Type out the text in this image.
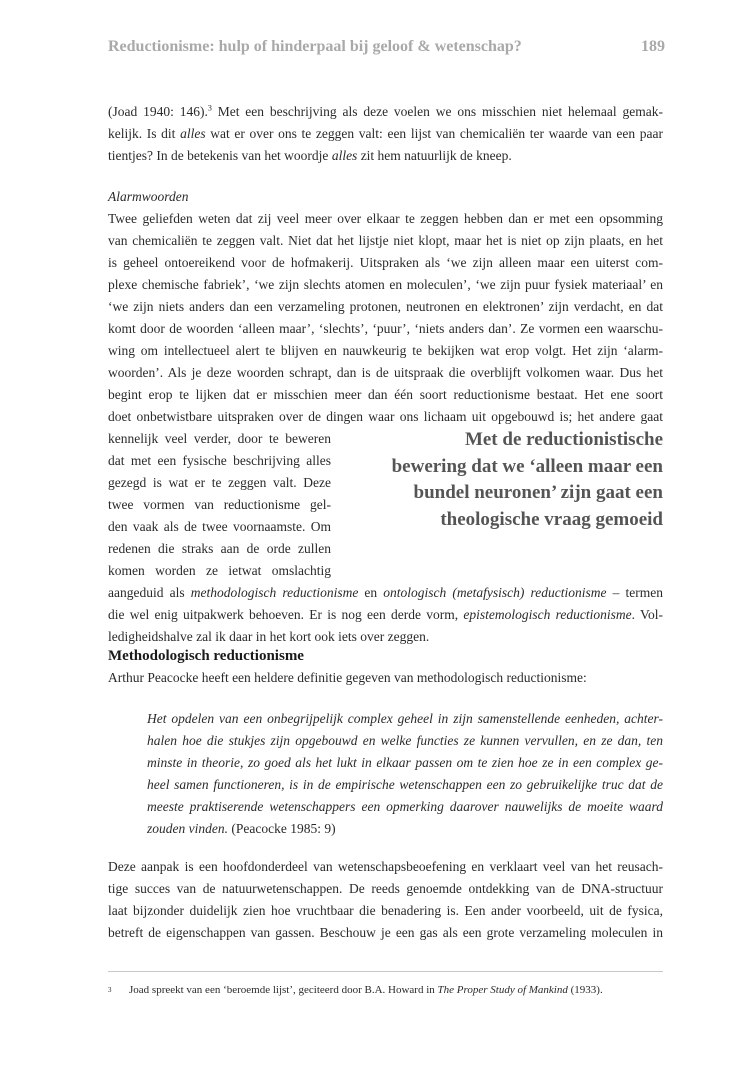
Reductionisme: hulp of hinderpaal bij geloof & wetenschap?	189
(Joad 1940: 146).$^3$ Met een beschrijving als deze voelen we ons misschien niet helemaal gemak-
kelijk. Is dit alles wat er over ons te zeggen valt: een lijst van chemicaliën ter waarde van een paar
tientjes? In de betekenis van het woordje alles zit hem natuurlijk de kneep.
Alarmwoorden
Twee geliefden weten dat zij veel meer over elkaar te zeggen hebben dan er met een opsomming
van chemicaliën te zeggen valt. Niet dat het lijstje niet klopt, maar het is niet op zijn plaats, en het
is geheel ontoereikend voor de hofmakerij. Uitspraken als ‘we zijn alleen maar een uiterst com-
plexe chemische fabriek’, ‘we zijn slechts atomen en moleculen’, ‘we zijn puur fysiek materiaal’ en
‘we zijn niets anders dan een verzameling protonen, neutronen en elektronen’ zijn verdacht, en dat
komt door de woorden ‘alleen maar’, ‘slechts’, ‘puur’, ‘niets anders dan’. Ze vormen een waarschu-
wing om intellectueel alert te blijven en nauwkeurig te bekijken wat erop volgt. Het zijn ‘alarm-
woorden’. Als je deze woorden schrapt, dan is de uitspraak die overblijft volkomen waar. Dus het
begint erop te lijken dat er misschien meer dan één soort reductionisme bestaat. Het ene soort
doet onbetwistbare uitspraken over de dingen waar ons lichaam uit opgebouwd is; het andere gaat
kennelijk veel verder, door te beweren
dat met een fysische beschrijving alles
gezegd is wat er te zeggen valt. Deze
twee vormen van reductionisme gel-
den vaak als de twee voornaamste. Om
redenen die straks aan de orde zullen
komen worden ze ietwat omslachtig
Met de reductionistische
bewering dat we ‘alleen maar een
bundel neuronen’ zijn gaat een
theologische vraag gemoeid
aangeduid als methodologisch reductionisme en ontologisch (metafysisch) reductionisme – termen
die wel enig uitpakwerk behoeven. Er is nog een derde vorm, epistemologisch reductionisme. Vol-
ledigheidshalve zal ik daar in het kort ook iets over zeggen.
Methodologisch reductionisme
Arthur Peacocke heeft een heldere definitie gegeven van methodologisch reductionisme:
Het opdelen van een onbegrijpelijk complex geheel in zijn samenstellende eenheden, achter-
halen hoe die stukjes zijn opgebouwd en welke functies ze kunnen vervullen, en ze dan, ten
minste in theorie, zo goed als het lukt in elkaar passen om te zien hoe ze in een complex ge-
heel samen functioneren, is in de empirische wetenschappen een zo gebruikelijke truc dat de
meeste praktiserende wetenschappers een opmerking daarover nauwelijks de moeite waard
zouden vinden. (Peacocke 1985: 9)
Deze aanpak is een hoofdonderdeel van wetenschapsbeoefening en verklaart veel van het reusach-
tige succes van de natuurwetenschappen. De reeds genoemde ontdekking van de DNA-structuur
laat bijzonder duidelijk zien hoe vruchtbaar die benadering is. Een ander voorbeeld, uit de fysica,
betreft de eigenschappen van gassen. Beschouw je een gas als een grote verzameling moleculen in
3 Joad spreekt van een ‘beroemde lijst’, geciteerd door B.A. Howard in The Proper Study of Mankind (1933).
